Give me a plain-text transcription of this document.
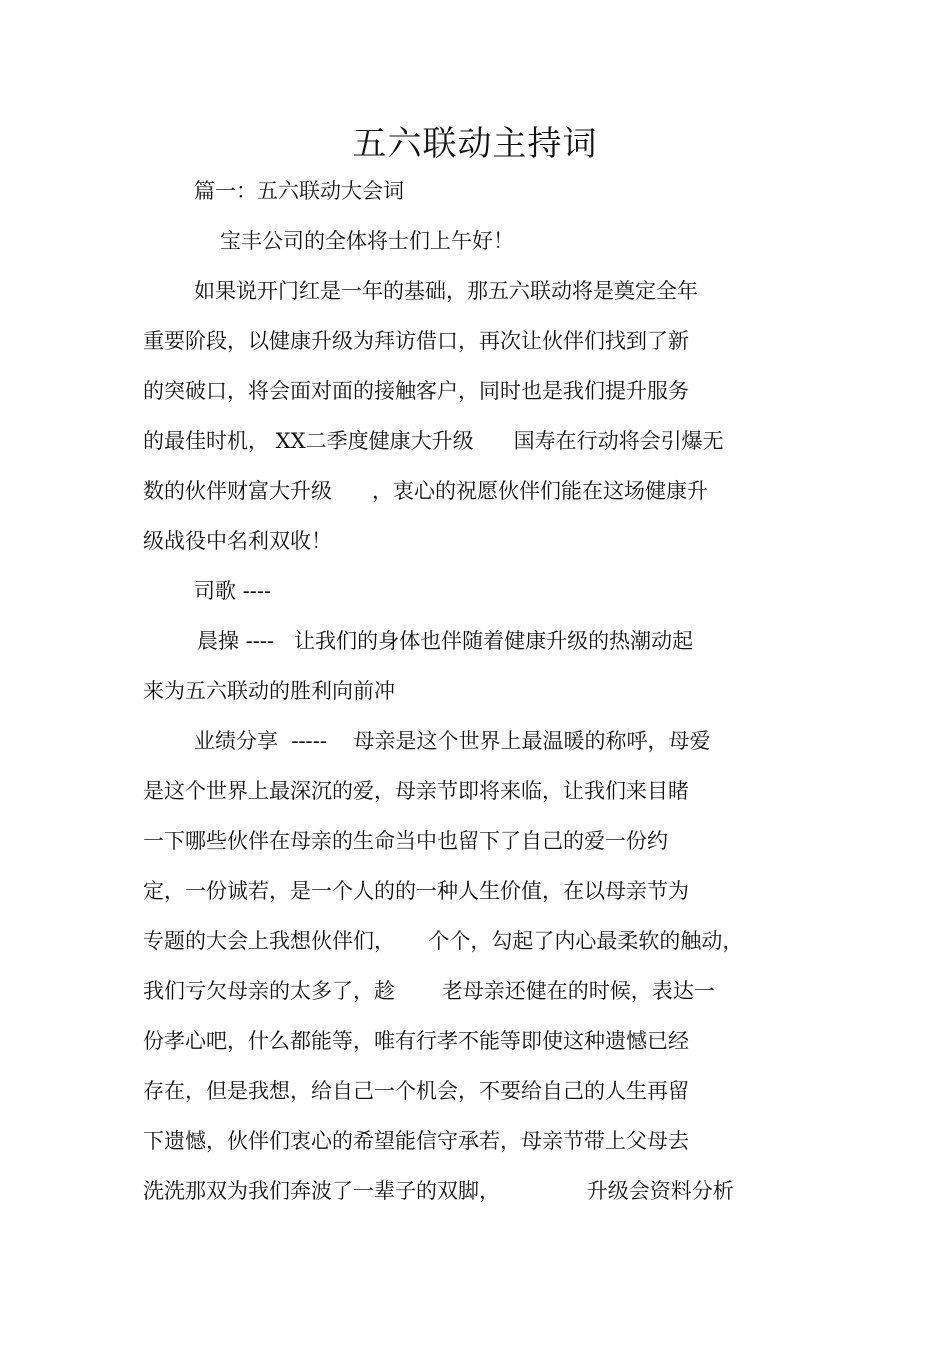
五六联动主持词

篇一：五六联动大会词

宝丰公司的全体将士们上午好！

如果说开门红是一年的基础，那五六联动将是奠定全年

重要阶段，以健康升级为拜访借口，再次让伙伴们找到了新

的突破口，将会面对面的接触客户，同时也是我们提升服务

的最佳时机， XX二季度健康大升级      国寿在行动将会引爆无

数的伙伴财富大升级      ，衷心的祝愿伙伴们能在这场健康升

级战役中名利双收！

司歌 ----

晨操 ----   让我们的身体也伴随着健康升级的热潮动起

来为五六联动的胜利向前冲

业绩分享  -----    母亲是这个世界上最温暖的称呼，母爱

是这个世界上最深沉的爱，母亲节即将来临，让我们来目睹

一下哪些伙伴在母亲的生命当中也留下了自己的爱一份约

定，一份诚若，是一个人的的一种人生价值，在以母亲节为

专题的大会上我想伙伴们，     个个，勾起了内心最柔软的触动，

我们亏欠母亲的太多了，趁       老母亲还健在的时候，表达一

份孝心吧，什么都能等，唯有行孝不能等即使这种遗憾已经

存在，但是我想，给自己一个机会，不要给自己的人生再留

下遗憾，伙伴们衷心的希望能信守承若，母亲节带上父母去

洗洗那双为我们奔波了一辈子的双脚，             升级会资料分析
